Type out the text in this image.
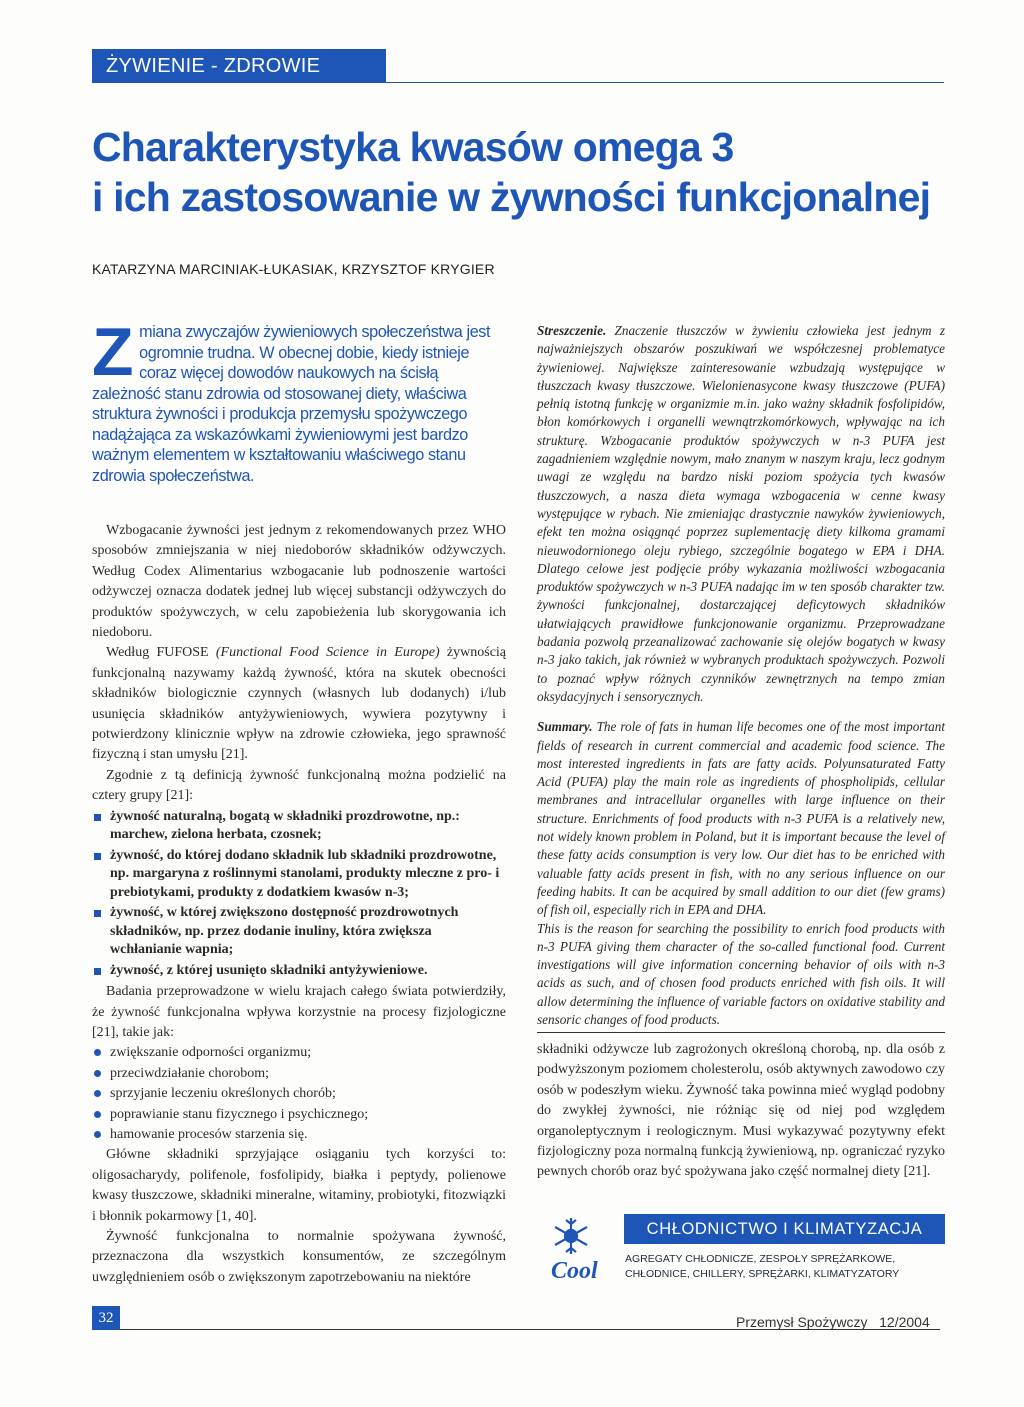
ŻYWIENIE - ZDROWIE
Charakterystyka kwasów omega 3
i ich zastosowanie w żywności funkcjonalnej
KATARZYNA MARCINIAK-ŁUKASIAK, KRZYSZTOF KRYGIER

Zmiana zwyczajów żywieniowych społeczeństwa jest ogromnie trudna. W obecnej dobie, kiedy istnieje coraz więcej dowodów naukowych na ścisłą zależność stanu zdrowia od stosowanej diety, właściwa struktura żywności i produkcja przemysłu spożywczego nadążająca za wskazówkami żywieniowymi jest bardzo ważnym elementem w kształtowaniu właściwego stanu zdrowia społeczeństwa.

Wzbogacanie żywności jest jednym z rekomendowanych przez WHO sposobów zmniejszania w niej niedoborów składników odżywczych. Według Codex Alimentarius wzbogacanie lub podnoszenie wartości odżywczej oznacza dodatek jednej lub więcej substancji odżywczych do produktów spożywczych, w celu zapobieżenia lub skorygowania ich niedoboru.

Według FUFOSE (Functional Food Science in Europe) żywnością funkcjonalną nazywamy każdą żywność, która na skutek obecności składników biologicznie czynnych (własnych lub dodanych) i/lub usunięcia składników antyżywieniowych, wywiera pozytywny i potwierdzony klinicznie wpływ na zdrowie człowieka, jego sprawność fizyczną i stan umysłu [21].

Zgodnie z tą definicją żywność funkcjonalną można podzielić na cztery grupy [21]:

żywność naturalną, bogatą w składniki prozdrowotne, np.: marchew, zielona herbata, czosnek;
żywność, do której dodano składnik lub składniki prozdrowotne, np. margaryna z roślinnymi stanolami, produkty mleczne z pro- i prebiotykami, produkty z dodatkiem kwasów n-3;
żywność, w której zwiększono dostępność prozdrowotnych składników, np. przez dodanie inuliny, która zwiększa wchłanianie wapnia;
żywność, z której usunięto składniki antyżywieniowe.

Badania przeprowadzone w wielu krajach całego świata potwierdziły, że żywność funkcjonalna wpływa korzystnie na procesy fizjologiczne [21], takie jak:

zwiększanie odporności organizmu;
przeciwdziałanie chorobom;
sprzyjanie leczeniu określonych chorób;
poprawianie stanu fizycznego i psychicznego;
hamowanie procesów starzenia się.

Główne składniki sprzyjające osiąganiu tych korzyści to: oligosacharydy, polifenole, fosfolipidy, białka i peptydy, polienowe kwasy tłuszczowe, składniki mineralne, witaminy, probiotyki, fitozwiązki i błonnik pokarmowy [1, 40].

Żywność funkcjonalna to normalnie spożywana żywność, przeznaczona dla wszystkich konsumentów, ze szczególnym uwzględnieniem osób o zwiększonym zapotrzebowaniu na niektóre

Streszczenie. Znaczenie tłuszczów w żywieniu człowieka jest jednym z najważniejszych obszarów poszukiwań we współczesnej problematyce żywieniowej. Największe zainteresowanie wzbudzają występujące w tłuszczach kwasy tłuszczowe. Wielonienasycone kwasy tłuszczowe (PUFA) pełnią istotną funkcję w organizmie m.in. jako ważny składnik fosfolipidów, błon komórkowych i organelli wewnątrzkomórkowych, wpływając na ich strukturę. Wzbogacanie produktów spożywczych w n-3 PUFA jest zagadnieniem względnie nowym, mało znanym w naszym kraju, lecz godnym uwagi ze względu na bardzo niski poziom spożycia tych kwasów tłuszczowych, a nasza dieta wymaga wzbogacenia w cenne kwasy występujące w rybach. Nie zmieniając drastycznie nawyków żywieniowych, efekt ten można osiągnąć poprzez suplementację diety kilkoma gramami nieuwodornionego oleju rybiego, szczególnie bogatego w EPA i DHA. Dlatego celowe jest podjęcie próby wykazania możliwości wzbogacania produktów spożywczych w n-3 PUFA nadając im w ten sposób charakter tzw. żywności funkcjonalnej, dostarczającej deficytowych składników ułatwiających prawidłowe funkcjonowanie organizmu. Przeprowadzane badania pozwolą przeanalizować zachowanie się olejów bogatych w kwasy n-3 jako takich, jak również w wybranych produktach spożywczych. Pozwoli to poznać wpływ różnych czynników zewnętrznych na tempo zmian oksydacyjnych i sensorycznych.

Summary. The role of fats in human life becomes one of the most important fields of research in current commercial and academic food science. The most interested ingredients in fats are fatty acids. Polyunsaturated Fatty Acid (PUFA) play the main role as ingredients of phospholipids, cellular membranes and intracellular organelles with large influence on their structure. Enrichments of food products with n-3 PUFA is a relatively new, not widely known problem in Poland, but it is important because the level of these fatty acids consumption is very low. Our diet has to be enriched with valuable fatty acids present in fish, with no any serious influence on our feeding habits. It can be acquired by small addition to our diet (few grams) of fish oil, especially rich in EPA and DHA.

This is the reason for searching the possibility to enrich food products with n-3 PUFA giving them character of the so-called functional food. Current investigations will give information concerning behavior of oils with n-3 acids as such, and of chosen food products enriched with fish oils. It will allow determining the influence of variable factors on oxidative stability and sensoric changes of food products.

składniki odżywcze lub zagrożonych określoną chorobą, np. dla osób z podwyższonym poziomem cholesterolu, osób aktywnych zawodowo czy osób w podeszłym wieku. Żywność taka powinna mieć wygląd podobny do zwykłej żywności, nie różniąc się od niej pod względem organoleptycznym i reologicznym. Musi wykazywać pozytywny efekt fizjologiczny poza normalną funkcją żywieniową, np. ograniczać ryzyko pewnych chorób oraz być spożywana jako część normalnej diety [21].

Cool
CHŁODNICTWO I KLIMATYZACJA
AGREGATY CHŁODNICZE, ZESPOŁY SPRĘŻARKOWE,
CHŁODNICE, CHILLERY, SPRĘŻARKI, KLIMATYZATORY
32	Przemysł Spożywczy   12/2004
